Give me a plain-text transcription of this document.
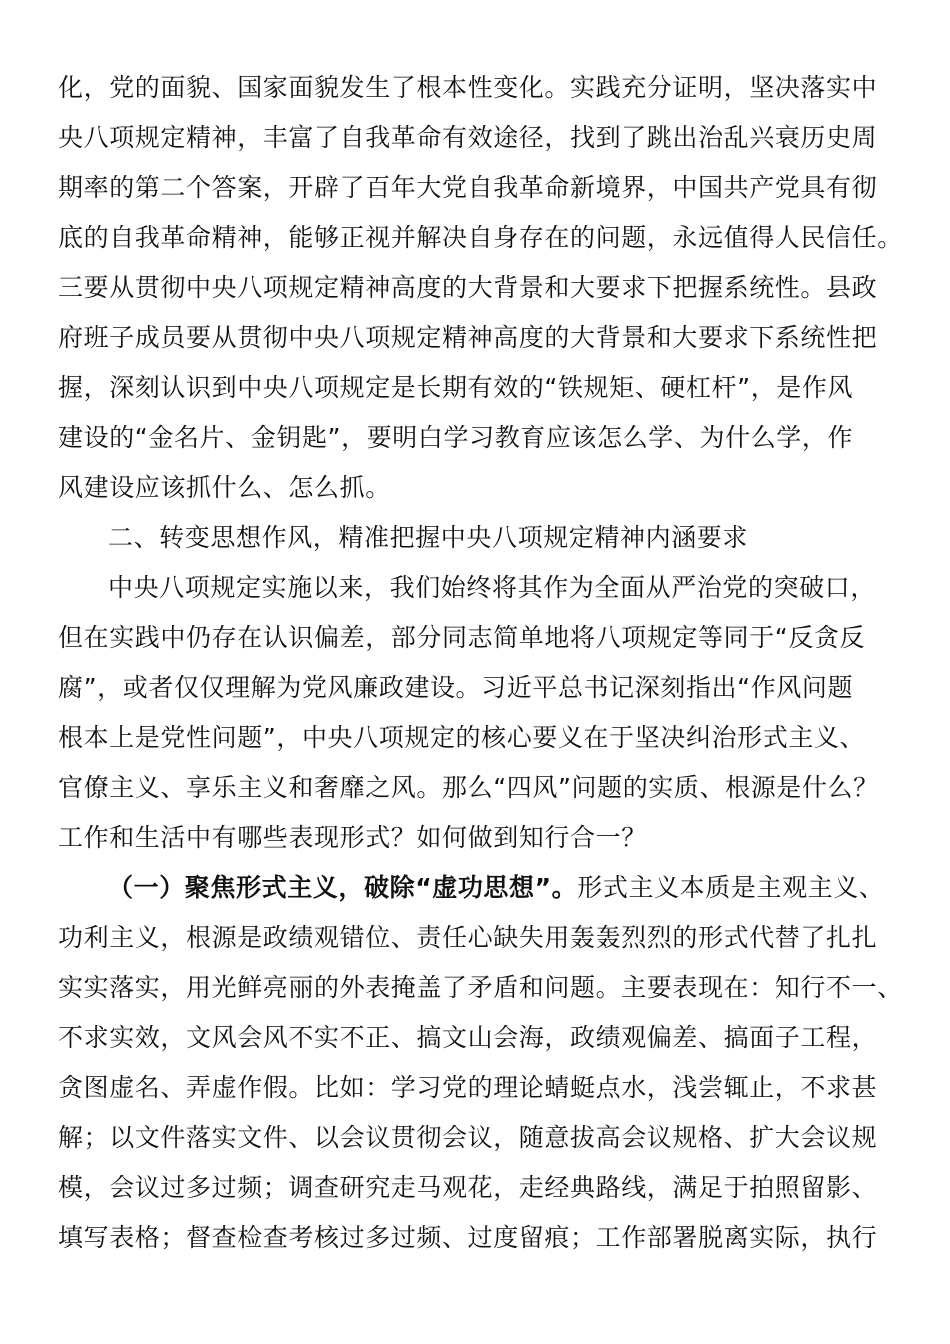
化，党的面貌、国家面貌发生了根本性变化。实践充分证明，坚决落实中
央八项规定精神，丰富了自我革命有效途径，找到了跳出治乱兴衰历史周
期率的第二个答案，开辟了百年大党自我革命新境界，中国共产党具有彻
底的自我革命精神，能够正视并解决自身存在的问题，永远值得人民信任。
三要从贯彻中央八项规定精神高度的大背景和大要求下把握系统性。县政
府班子成员要从贯彻中央八项规定精神高度的大背景和大要求下系统性把
握，深刻认识到中央八项规定是长期有效的“铁规矩、硬杠杆”，是作风
建设的“金名片、金钥匙”，要明白学习教育应该怎么学、为什么学，作
风建设应该抓什么、怎么抓。
二、转变思想作风，精准把握中央八项规定精神内涵要求
中央八项规定实施以来，我们始终将其作为全面从严治党的突破口，
但在实践中仍存在认识偏差，部分同志简单地将八项规定等同于“反贪反
腐”，或者仅仅理解为党风廉政建设。习近平总书记深刻指出“作风问题
根本上是党性问题”，中央八项规定的核心要义在于坚决纠治形式主义、
官僚主义、享乐主义和奢靡之风。那么“四风”问题的实质、根源是什么？
工作和生活中有哪些表现形式？如何做到知行合一？
（一）聚焦形式主义，破除“虚功思想”。形式主义本质是主观主义、
功利主义，根源是政绩观错位、责任心缺失用轰轰烈烈的形式代替了扎扎
实实落实，用光鲜亮丽的外表掩盖了矛盾和问题。主要表现在：知行不一、
不求实效，文风会风不实不正、搞文山会海，政绩观偏差、搞面子工程，
贪图虚名、弄虚作假。比如：学习党的理论蜻蜓点水，浅尝辄止，不求甚
解；以文件落实文件、以会议贯彻会议，随意拔高会议规格、扩大会议规
模，会议过多过频；调查研究走马观花，走经典路线，满足于拍照留影、
填写表格；督查检查考核过多过频、过度留痕；工作部署脱离实际，执行
